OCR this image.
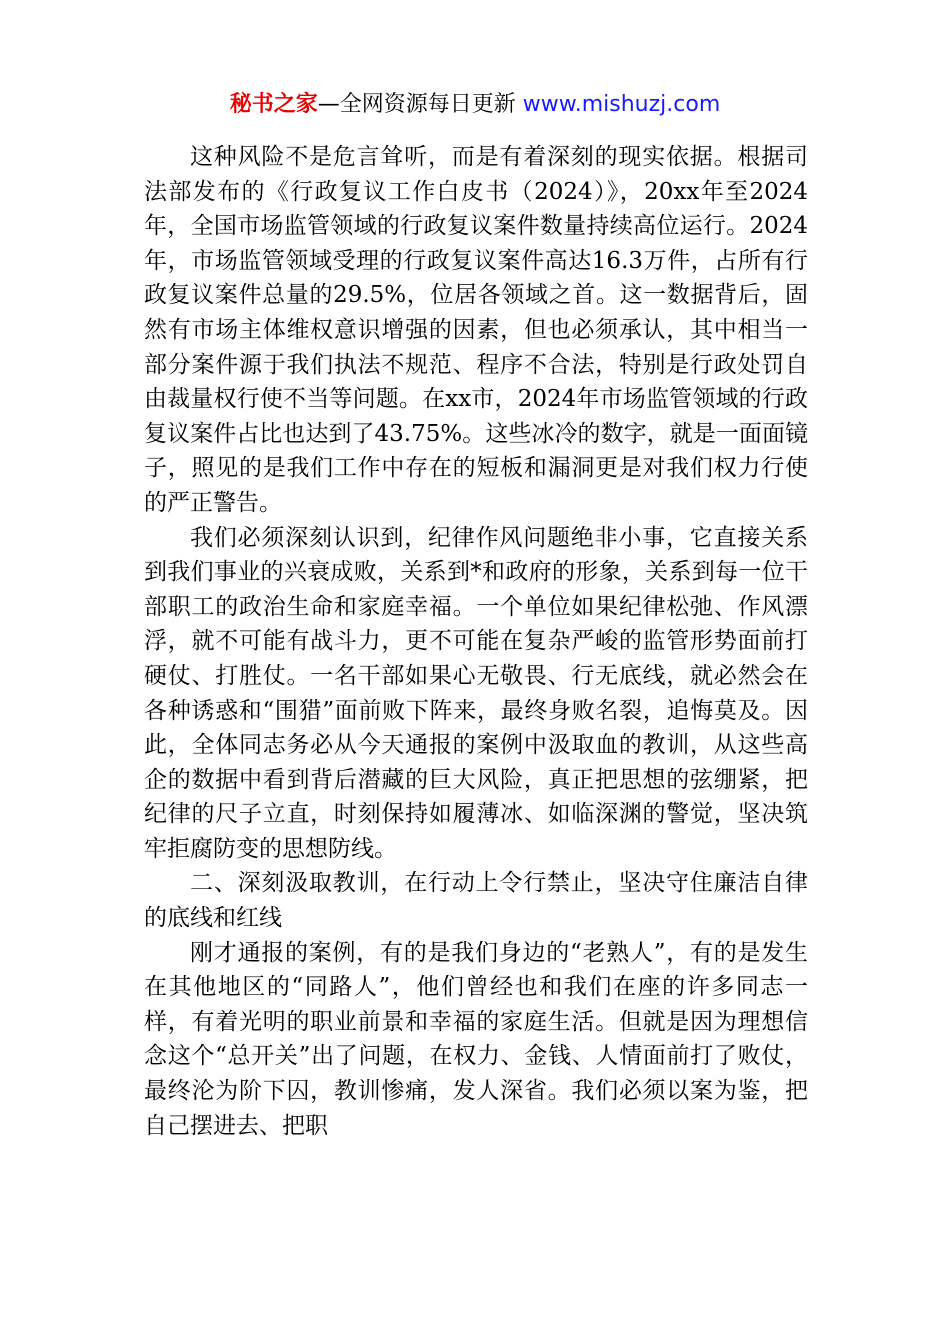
秘书之家—全网资源每日更新 www.mishuzj.com

这种风险不是危言耸听，而是有着深刻的现实依据。根据司法部发布的《行政复议工作白皮书（2024）》，20xx年至2024年，全国市场监管领域的行政复议案件数量持续高位运行。2024年，市场监管领域受理的行政复议案件高达16.3万件，占所有行政复议案件总量的29.5%，位居各领域之首。这一数据背后，固然有市场主体维权意识增强的因素，但也必须承认，其中相当一部分案件源于我们执法不规范、程序不合法，特别是行政处罚自由裁量权行使不当等问题。在xx市，2024年市场监管领域的行政复议案件占比也达到了43.75%。这些冰冷的数字，就是一面面镜子，照见的是我们工作中存在的短板和漏洞更是对我们权力行使的严正警告。

我们必须深刻认识到，纪律作风问题绝非小事，它直接关系到我们事业的兴衰成败，关系到*和政府的形象，关系到每一位干部职工的政治生命和家庭幸福。一个单位如果纪律松弛、作风漂浮，就不可能有战斗力，更不可能在复杂严峻的监管形势面前打硬仗、打胜仗。一名干部如果心无敬畏、行无底线，就必然会在各种诱惑和“围猎”面前败下阵来，最终身败名裂，追悔莫及。因此，全体同志务必从今天通报的案例中汲取血的教训，从这些高企的数据中看到背后潜藏的巨大风险，真正把思想的弦绷紧，把纪律的尺子立直，时刻保持如履薄冰、如临深渊的警觉，坚决筑牢拒腐防变的思想防线。

二、深刻汲取教训，在行动上令行禁止，坚决守住廉洁自律的底线和红线

刚才通报的案例，有的是我们身边的“老熟人”，有的是发生在其他地区的“同路人”，他们曾经也和我们在座的许多同志一样，有着光明的职业前景和幸福的家庭生活。但就是因为理想信念这个“总开关”出了问题，在权力、金钱、人情面前打了败仗，最终沦为阶下囚，教训惨痛，发人深省。我们必须以案为鉴，把自己摆进去、把职
